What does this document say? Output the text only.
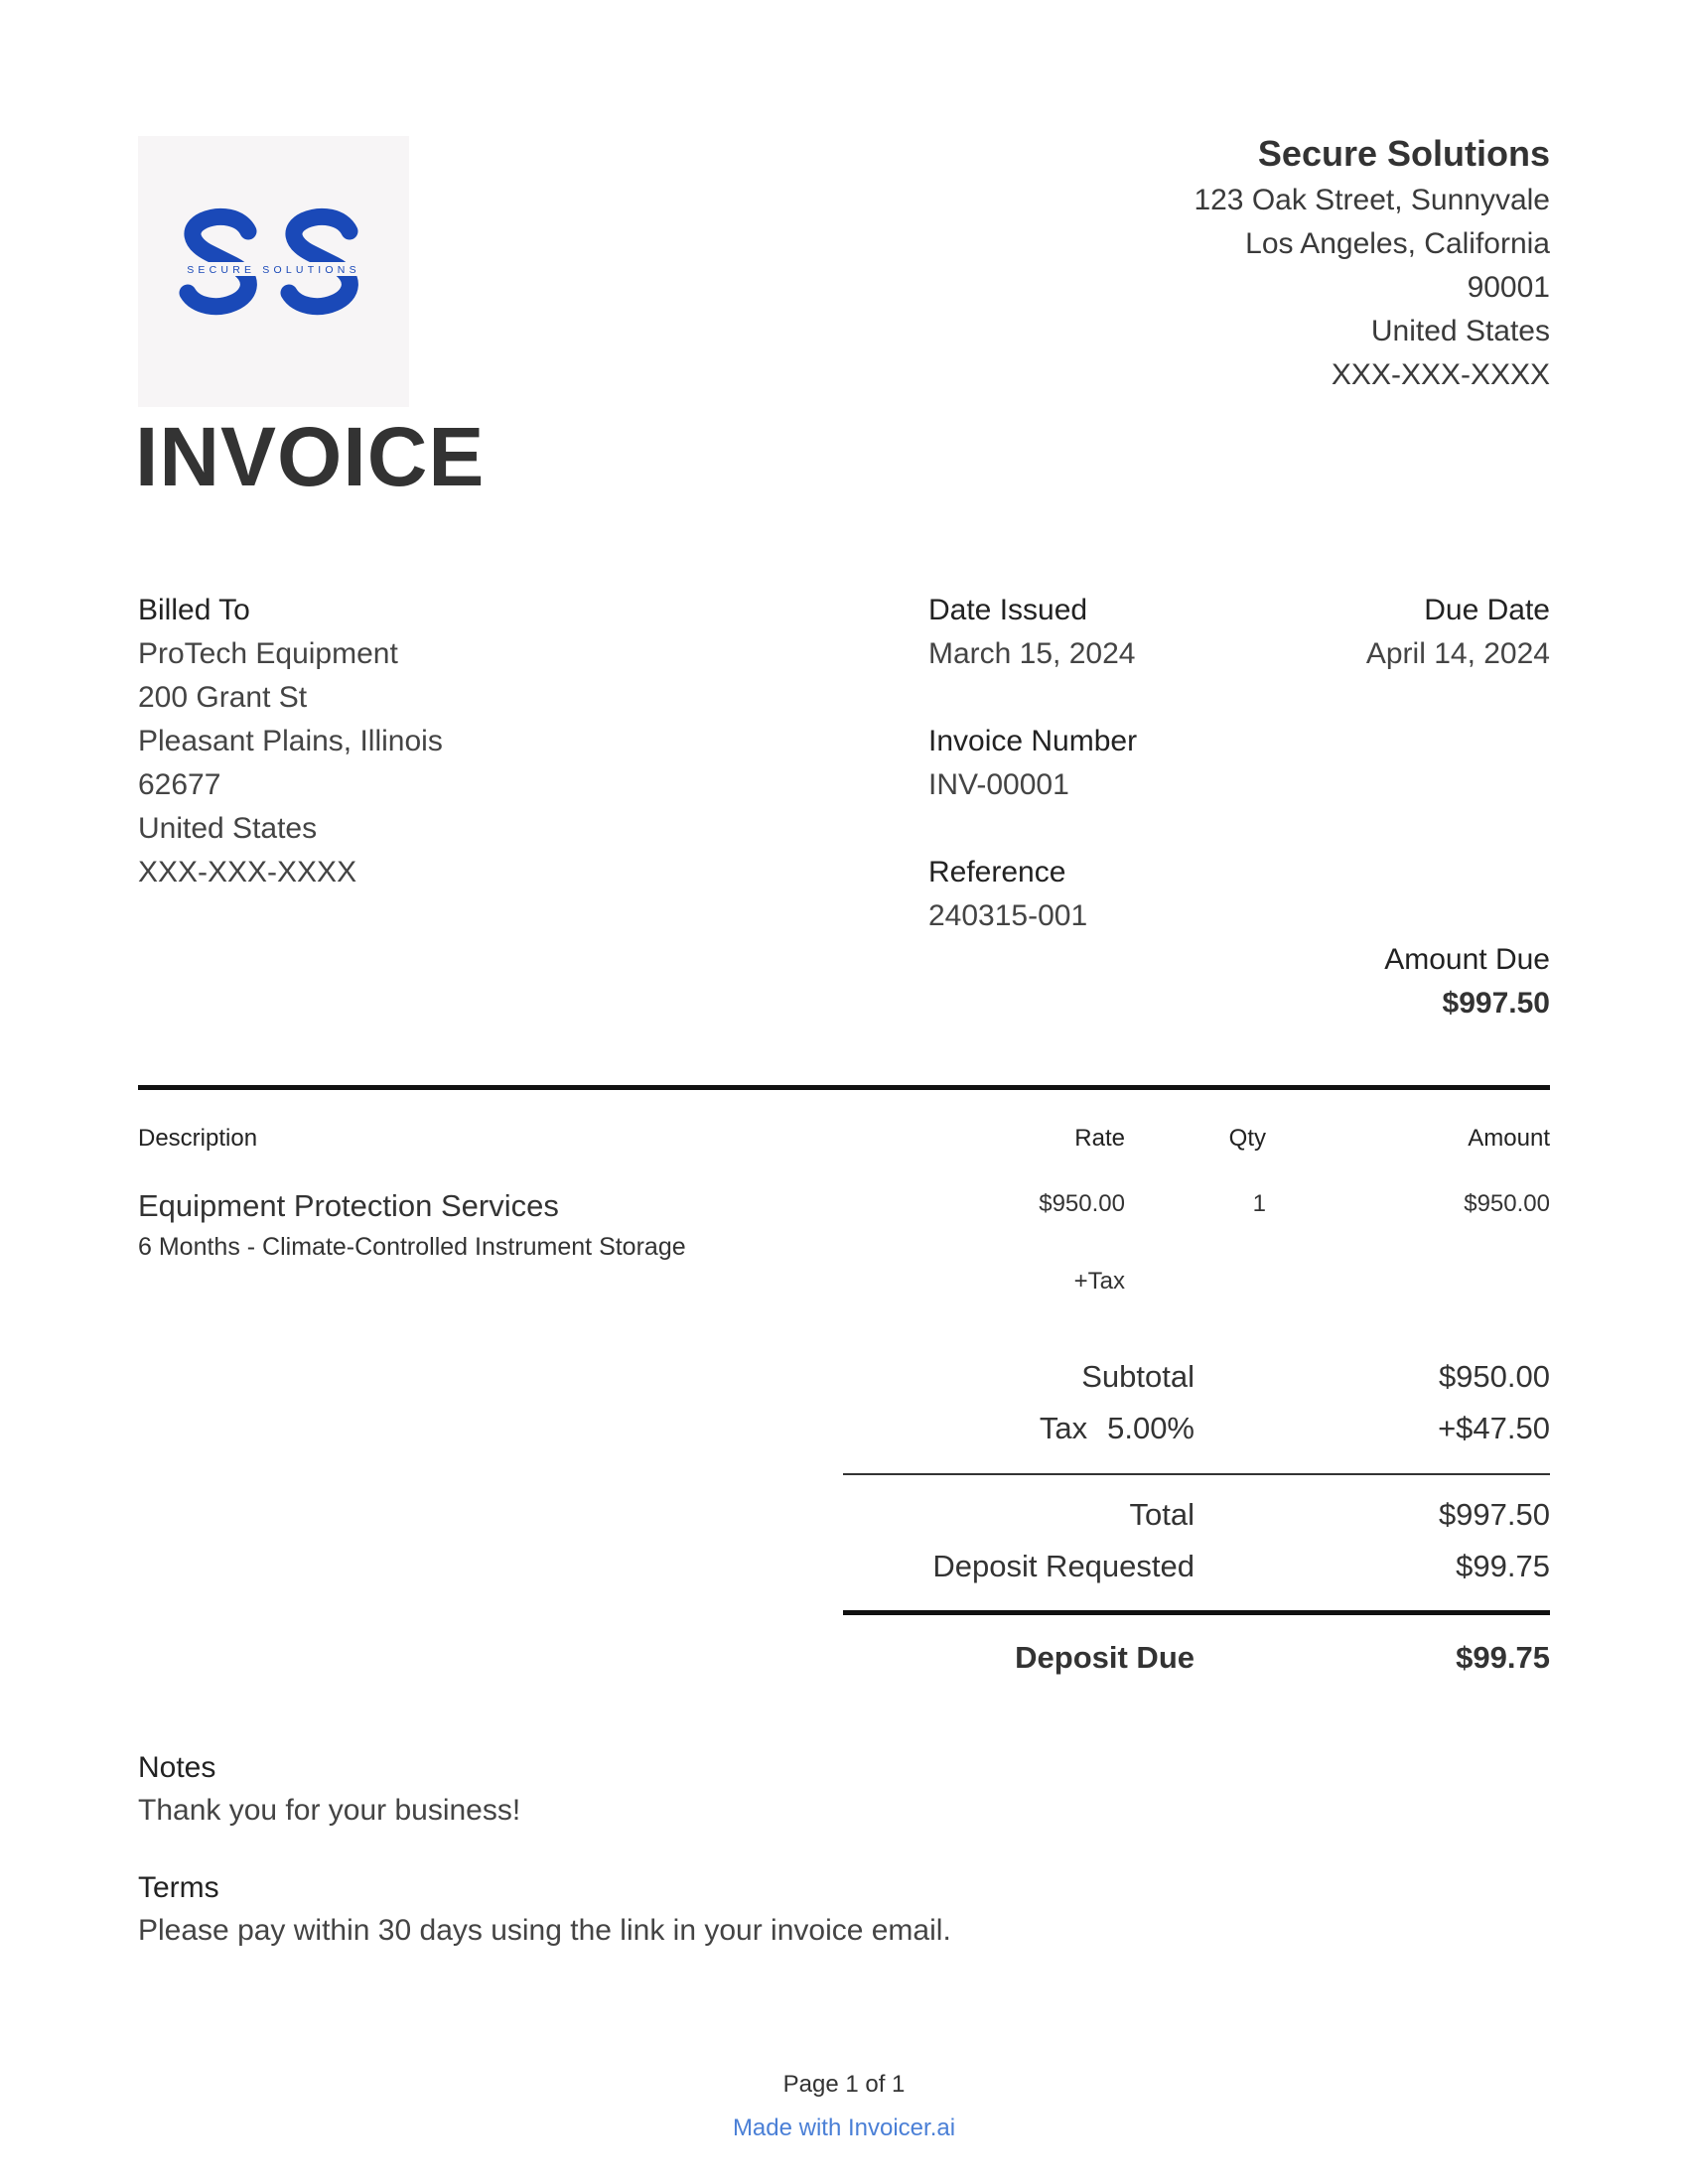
SECURE SOLUTIONS
Secure Solutions
123 Oak Street, Sunnyvale
Los Angeles, California
90001
United States
XXX-XXX-XXXX
INVOICE
Billed To
ProTech Equipment
200 Grant St
Pleasant Plains, Illinois
62677
United States
XXX-XXX-XXXX
Date Issued
March 15, 2024
Due Date
April 14, 2024
Invoice Number
INV-00001
Reference
240315-001
Amount Due
$997.50
Description	Rate	Qty	Amount
Equipment Protection Services
6 Months - Climate-Controlled Instrument Storage
$950.00	1	$950.00
+Tax
Subtotal	$950.00
Tax 5.00%	+$47.50
Total	$997.50
Deposit Requested	$99.75
Deposit Due	$99.75
Notes
Thank you for your business!
Terms
Please pay within 30 days using the link in your invoice email.
Page 1 of 1
Made with Invoicer.ai
